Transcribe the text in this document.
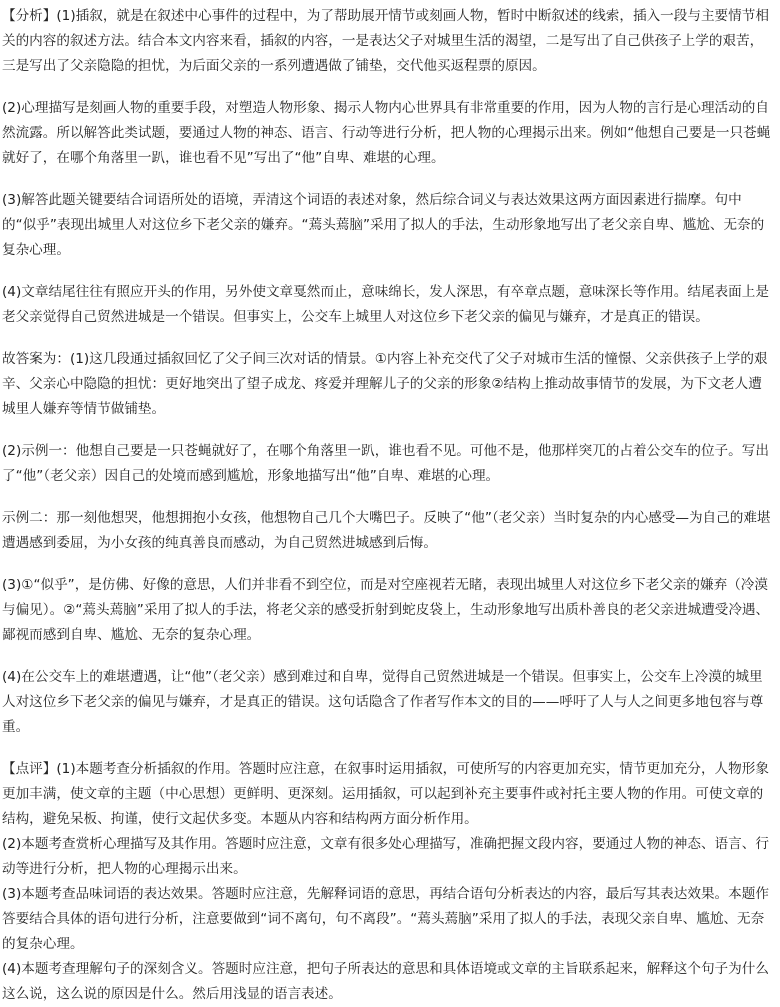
【分析】(1)插叙，就是在叙述中心事件的过程中，为了帮助展开情节或刻画人物，暂时中断叙述的线索，插入一段与主要情节相关的内容的叙述方法。结合本文内容来看，插叙的内容，一是表达父子对城里生活的渴望，二是写出了自己供孩子上学的艰苦，三是写出了父亲隐隐的担忧，为后面父亲的一系列遭遇做了铺垫，交代他买返程票的原因。

(2)心理描写是刻画人物的重要手段，对塑造人物形象、揭示人物内心世界具有非常重要的作用，因为人物的言行是心理活动的自然流露。所以解答此类试题，要通过人物的神态、语言、行动等进行分析，把人物的心理揭示出来。例如“他想自己要是一只苍蝇就好了，在哪个角落里一趴，谁也看不见”写出了“他”自卑、难堪的心理。

(3)解答此题关键要结合词语所处的语境，弄清这个词语的表述对象，然后综合词义与表达效果这两方面因素进行揣摩。句中的“似乎”表现出城里人对这位乡下老父亲的嫌弃。“蔫头蔫脑”采用了拟人的手法，生动形象地写出了老父亲自卑、尴尬、无奈的复杂心理。

(4)文章结尾往往有照应开头的作用，另外使文章戛然而止，意味绵长，发人深思，有卒章点题，意味深长等作用。结尾表面上是老父亲觉得自己贸然进城是一个错误。但事实上，公交车上城里人对这位乡下老父亲的偏见与嫌弃，才是真正的错误。

故答案为：(1)这几段通过插叙回忆了父子间三次对话的情景。①内容上补充交代了父子对城市生活的憧憬、父亲供孩子上学的艰辛、父亲心中隐隐的担忧：更好地突出了望子成龙、疼爱并理解儿子的父亲的形象②结构上推动故事情节的发展，为下文老人遭城里人嫌弃等情节做铺垫。

(2)示例一：他想自己要是一只苍蝇就好了，在哪个角落里一趴，谁也看不见。可他不是，他那样突兀的占着公交车的位子。写出了“他”（老父亲）因自己的处境而感到尴尬，形象地描写出“他”自卑、难堪的心理。

示例二：那一刻他想哭，他想拥抱小女孩，他想物自己几个大嘴巴子。反映了“他”（老父亲）当时复杂的内心感受—为自己的难堪遭遇感到委屈，为小女孩的纯真善良而感动，为自己贸然进城感到后悔。

(3)①“似乎”，是仿佛、好像的意思，人们并非看不到空位，而是对空座视若无睹，表现出城里人对这位乡下老父亲的嫌弃（冷漠与偏见）。②“蔫头蔫脑”采用了拟人的手法，将老父亲的感受折射到蛇皮袋上，生动形象地写出质朴善良的老父亲进城遭受冷遇、鄙视而感到自卑、尴尬、无奈的复杂心理。

(4)在公交车上的难堪遭遇，让“他”（老父亲）感到难过和自卑，觉得自己贸然进城是一个错误。但事实上，公交车上冷漠的城里人对这位乡下老父亲的偏见与嫌弃，才是真正的错误。这句话隐含了作者写作本文的目的——呼吁了人与人之间更多地包容与尊重。

【点评】(1)本题考查分析插叙的作用。答题时应注意，在叙事时运用插叙，可使所写的内容更加充实，情节更加充分，人物形象更加丰满，使文章的主题（中心思想）更鲜明、更深刻。运用插叙，可以起到补充主要事件或衬托主要人物的作用。可使文章的结构，避免呆板、拘谨，使行文起伏多变。本题从内容和结构两方面分析作用。

(2)本题考查赏析心理描写及其作用。答题时应注意，文章有很多处心理描写，准确把握文段内容，要通过人物的神态、语言、行动等进行分析，把人物的心理揭示出来。

(3)本题考查品味词语的表达效果。答题时应注意，先解释词语的意思，再结合语句分析表达的内容，最后写其表达效果。本题作答要结合具体的语句进行分析，注意要做到“词不离句，句不离段”。“蔫头蔫脑”采用了拟人的手法，表现父亲自卑、尴尬、无奈的复杂心理。

(4)本题考查理解句子的深刻含义。答题时应注意，把句子所表达的意思和具体语境或文章的主旨联系起来，解释这个句子为什么这么说，这么说的原因是什么。然后用浅显的语言表述。
